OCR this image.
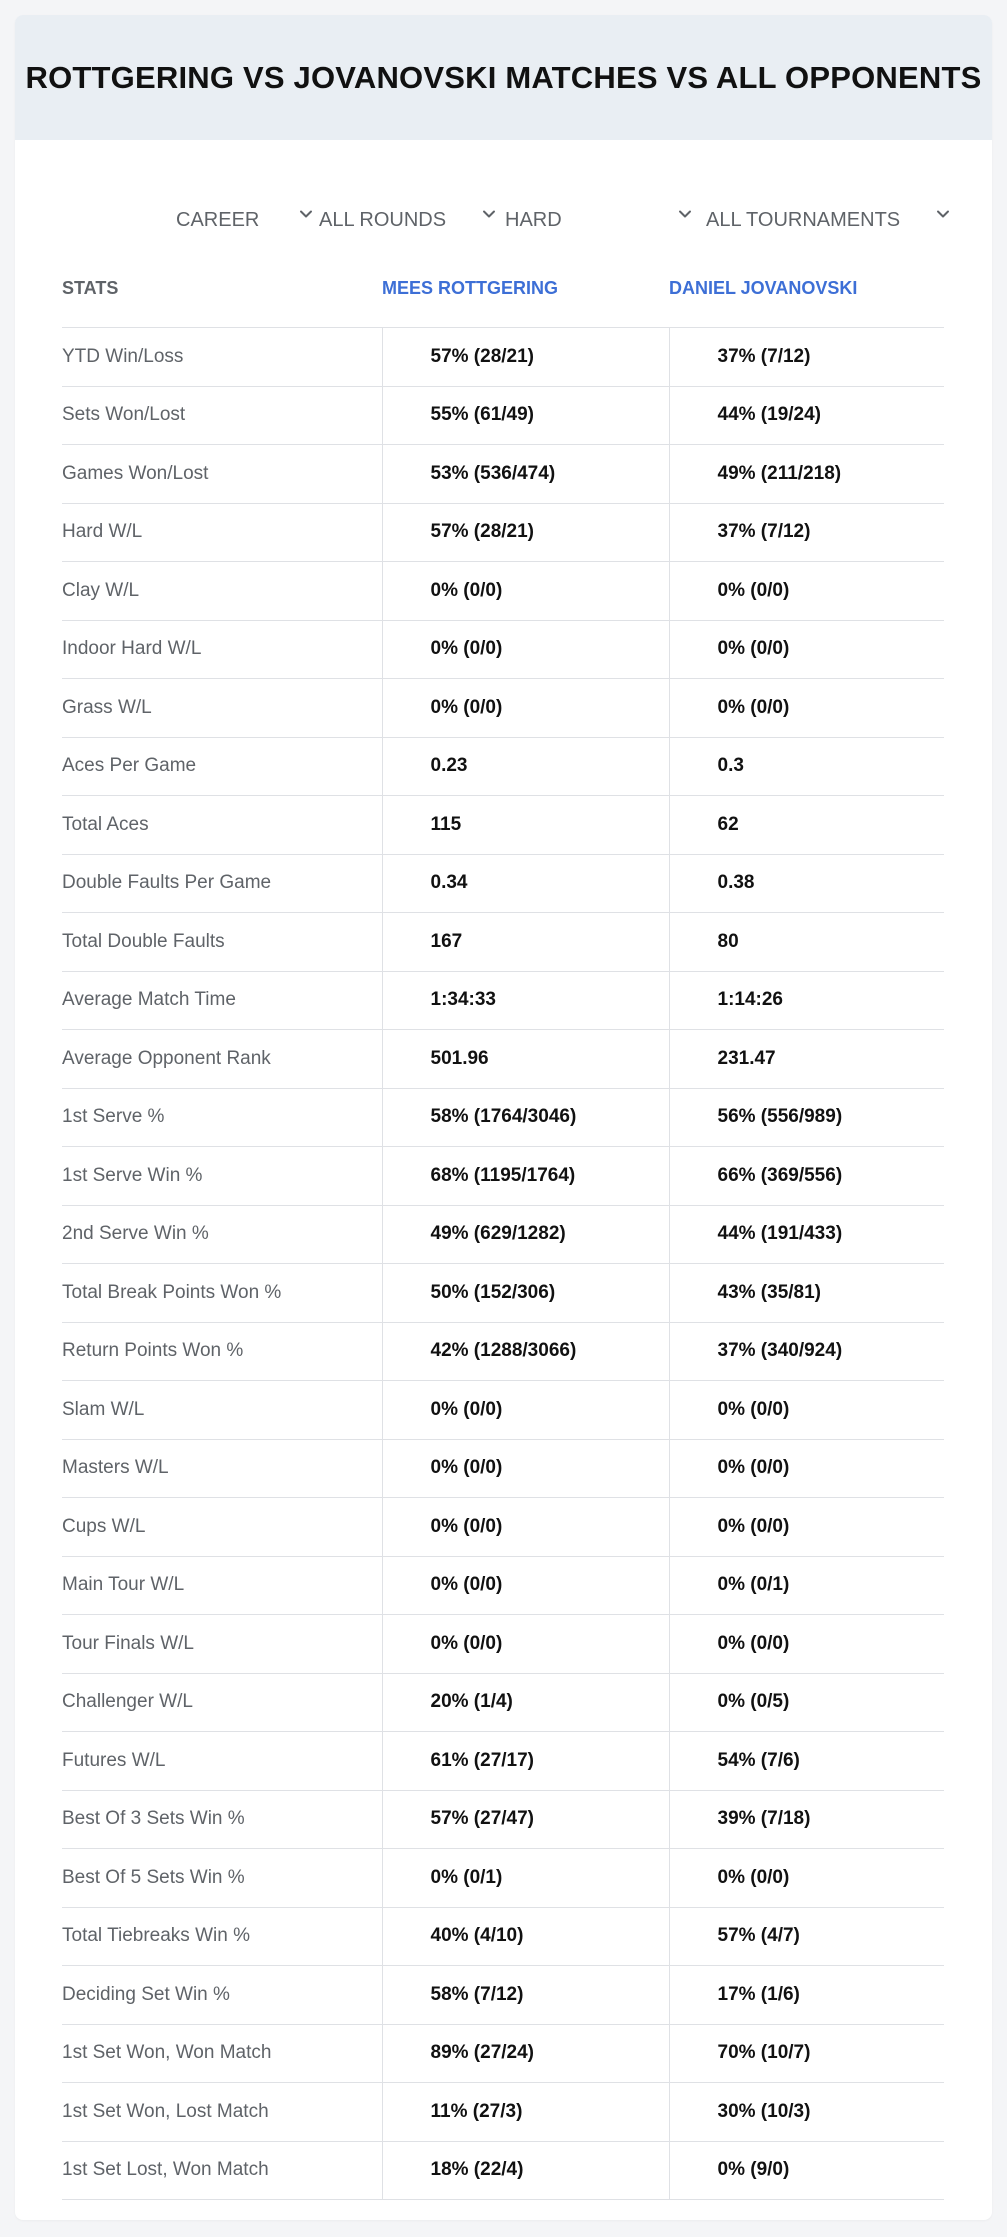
ROTTGERING VS JOVANOVSKI MATCHES VS ALL OPPONENTS
CAREER	ALL ROUNDS	HARD	ALL TOURNAMENTS
STATS	MEES ROTTGERING	DANIEL JOVANOVSKI
YTD Win/Loss	57% (28/21)	37% (7/12)
Sets Won/Lost	55% (61/49)	44% (19/24)
Games Won/Lost	53% (536/474)	49% (211/218)
Hard W/L	57% (28/21)	37% (7/12)
Clay W/L	0% (0/0)	0% (0/0)
Indoor Hard W/L	0% (0/0)	0% (0/0)
Grass W/L	0% (0/0)	0% (0/0)
Aces Per Game	0.23	0.3
Total Aces	115	62
Double Faults Per Game	0.34	0.38
Total Double Faults	167	80
Average Match Time	1:34:33	1:14:26
Average Opponent Rank	501.96	231.47
1st Serve %	58% (1764/3046)	56% (556/989)
1st Serve Win %	68% (1195/1764)	66% (369/556)
2nd Serve Win %	49% (629/1282)	44% (191/433)
Total Break Points Won %	50% (152/306)	43% (35/81)
Return Points Won %	42% (1288/3066)	37% (340/924)
Slam W/L	0% (0/0)	0% (0/0)
Masters W/L	0% (0/0)	0% (0/0)
Cups W/L	0% (0/0)	0% (0/0)
Main Tour W/L	0% (0/0)	0% (0/1)
Tour Finals W/L	0% (0/0)	0% (0/0)
Challenger W/L	20% (1/4)	0% (0/5)
Futures W/L	61% (27/17)	54% (7/6)
Best Of 3 Sets Win %	57% (27/47)	39% (7/18)
Best Of 5 Sets Win %	0% (0/1)	0% (0/0)
Total Tiebreaks Win %	40% (4/10)	57% (4/7)
Deciding Set Win %	58% (7/12)	17% (1/6)
1st Set Won, Won Match	89% (27/24)	70% (10/7)
1st Set Won, Lost Match	11% (27/3)	30% (10/3)
1st Set Lost, Won Match	18% (22/4)	0% (9/0)
